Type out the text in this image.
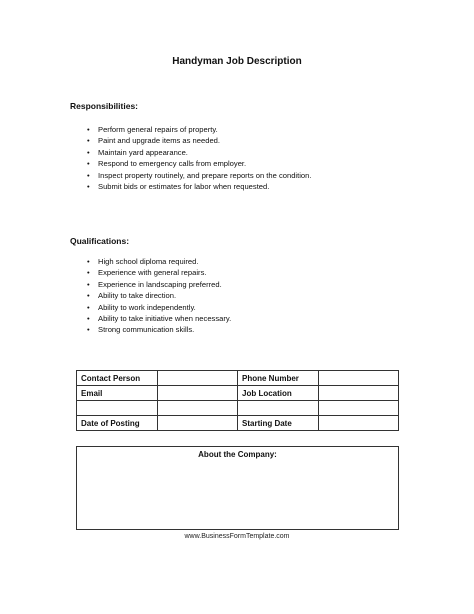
Handyman Job Description
Responsibilities:
• Perform general repairs of property.
• Paint and upgrade items as needed.
• Maintain yard appearance.
• Respond to emergency calls from employer.
• Inspect property routinely, and prepare reports on the condition.
• Submit bids or estimates for labor when requested.
Qualifications:
• High school diploma required.
• Experience with general repairs.
• Experience in landscaping preferred.
• Ability to take direction.
• Ability to work independently.
• Ability to take initiative when necessary.
• Strong communication skills.
Contact Person		Phone Number	
Email		Job Location	

Date of Posting		Starting Date	
About the Company:
www.BusinessFormTemplate.com
